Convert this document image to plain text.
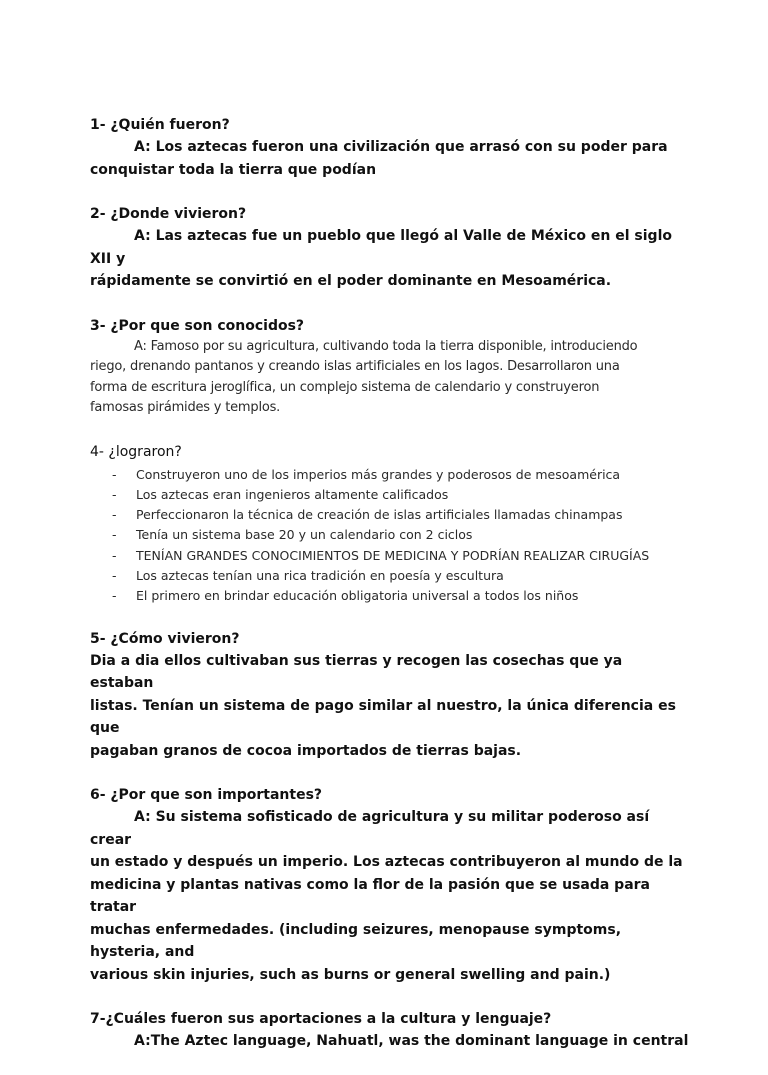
1- ¿Quién fueron?

A: Los aztecas fueron una civilización que arrasó con su poder para

conquistar toda la tierra que podían

2- ¿Donde vivieron?

A: Las aztecas fue un pueblo que llegó al Valle de México en el siglo XII y

rápidamente se convirtió en el poder dominante en Mesoamérica.

3- ¿Por que son conocidos?

A: Famoso por su agricultura, cultivando toda la tierra disponible, introduciendo

riego, drenando pantanos y creando islas artificiales en los lagos. Desarrollaron una

forma de escritura jeroglífica, un complejo sistema de calendario y construyeron

famosas pirámides y templos.

4- ¿lograron?

- Construyeron uno de los imperios más grandes y poderosos de mesoamérica
- Los aztecas eran ingenieros altamente calificados
- Perfeccionaron la técnica de creación de islas artificiales llamadas chinampas
- Tenía un sistema base 20 y un calendario con 2 ciclos
- TENÍAN GRANDES CONOCIMIENTOS DE MEDICINA Y PODRÍAN REALIZAR CIRUGÍAS
- Los aztecas tenían una rica tradición en poesía y escultura
- El primero en brindar educación obligatoria universal a todos los niños

5- ¿Cómo vivieron?

Dia a dia ellos cultivaban sus tierras y recogen las cosechas que ya estaban

listas. Tenían un sistema de pago similar al nuestro, la única diferencia es que

pagaban granos de cocoa importados de tierras bajas.

6- ¿Por que son importantes?

A: Su sistema sofisticado de agricultura y su militar poderoso así crear

un estado y después un imperio. Los aztecas contribuyeron al mundo de la

medicina y plantas nativas como la flor de la pasión que se usada para tratar

muchas enfermedades. (including seizures, menopause symptoms, hysteria, and

various skin injuries, such as burns or general swelling and pain.)

7-¿Cuáles fueron sus aportaciones a la cultura y lenguaje?

A:The Aztec language, Nahuatl, was the dominant language in central
